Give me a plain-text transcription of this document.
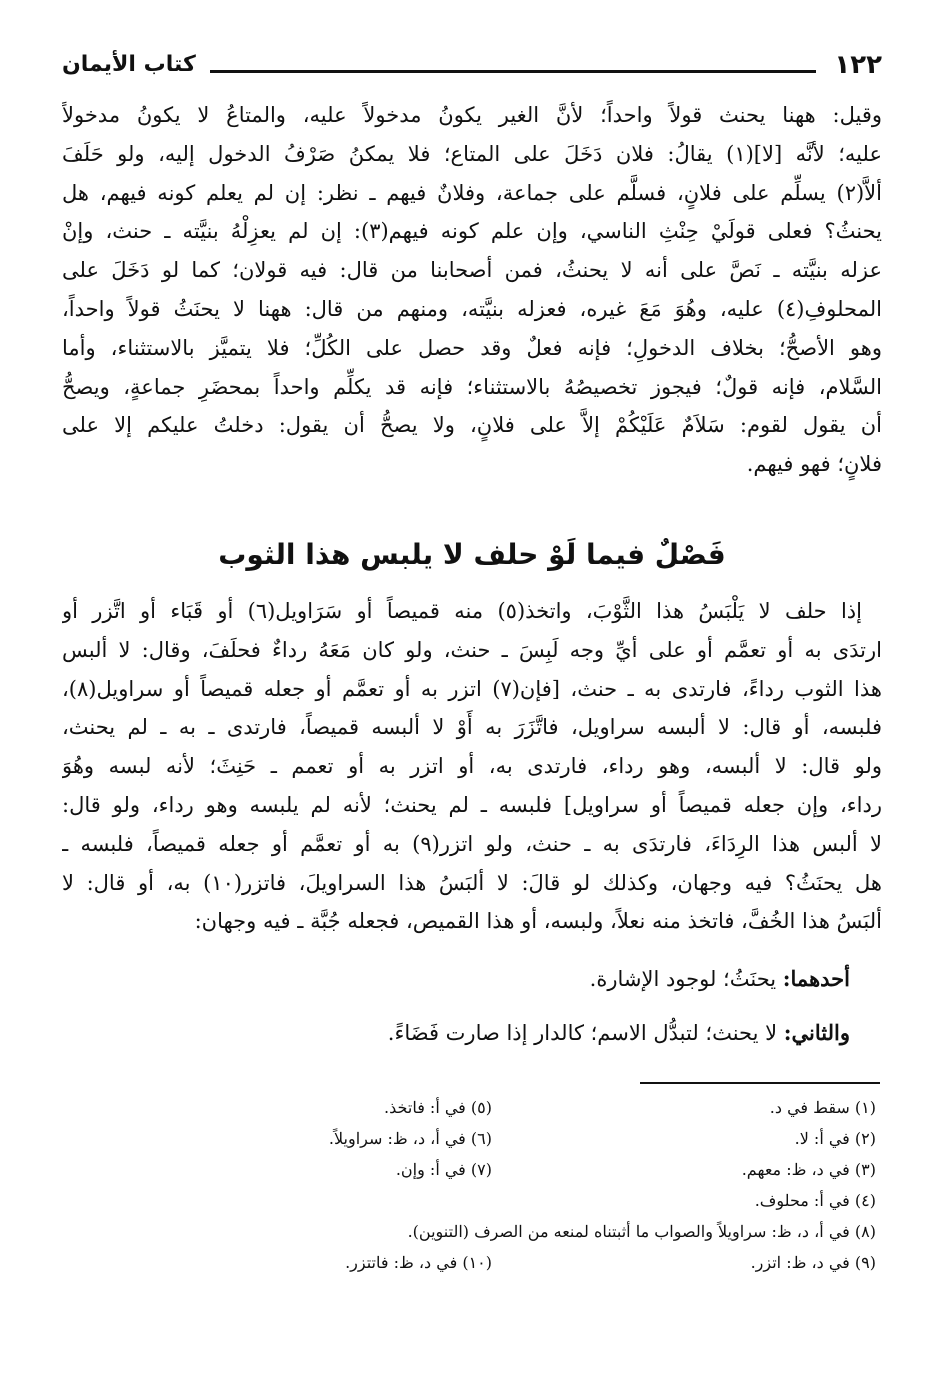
١٢٢
كتاب الأيمان
وقيل: ههنا يحنث قولاً واحداً؛ لأنَّ الغير يكونُ مدخولاً عليه، والمتاعُ لا يكونُ مدخولاً
عليه؛ لأنَّه [لا](١) يقالُ: فلان دَخَلَ على المتاع؛ فلا يمكنُ صَرْفُ الدخول إليه، ولو حَلَفَ
ألاَّ(٢) يسلِّم على فلانٍ، فسلَّم على جماعة، وفلانٌ فيهم ـ نظر: إن لم يعلم كونه فيهم، هل
يحنثُ؟ فعلى قولَيْ حِنْثِ الناسي، وإن علم كونه فيهم(٣): إن لم يعزِلْهُ بنيَّته ـ حنث، وإنْ
عزله بنيَّته ـ نَصَّ على أنه لا يحنثُ، فمن أصحابنا من قال: فيه قولان؛ كما لو دَخَلَ على
المحلوفِ(٤) عليه، وهُوَ مَعَ غيره، فعزله بنيَّته، ومنهم من قال: ههنا لا يحنَثُ قولاً واحداً،
وهو الأصحُّ؛ بخلاف الدخولِ؛ فإنه فعلٌ وقد حصل على الكُلِّ؛ فلا يتميَّز بالاستثناء، وأما
السَّلام، فإنه قولٌ؛ فيجوز تخصيصُهُ بالاستثناء؛ فإنه قد يكلِّم واحداً بمحضَرِ جماعةٍ، ويصحُّ
أن يقول لقوم: سَلاَمٌ عَلَيْكُمْ إلاَّ على فلانٍ، ولا يصحُّ أن يقول: دخلتُ عليكم إلا على
فلانٍ؛ فهو فيهم.
فَصْلٌ فيما لَوْ حلف لا يلبس هذا الثوب
إذا حلف لا يَلْبَسُ هذا الثَّوْبَ، واتخذ(٥) منه قميصاً أو سَرَاويل(٦) أو قَبَاء أو اتَّزر أو
ارتدَى به أو تعمَّم أو على أيِّ وجه لَبِسَ ـ حنث، ولو كان مَعَهُ رداءٌ فحلَفَ، وقال: لا ألبس
هذا الثوب رداءً، فارتدى به ـ حنث، [فإن(٧) اتزر به أو تعمَّم أو جعله قميصاً أو سراويل(٨)،
فلبسه، أو قال: لا ألبسه سراويل، فاتَّزَرَ به أَوْ لا ألبسه قميصاً، فارتدى ـ به ـ لم يحنث،
ولو قال: لا ألبسه، وهو رداء، فارتدى به، أو اتزر به أو تعمم ـ حَنِثَ؛ لأنه لبسه وهُوَ
رداء، وإن جعله قميصاً أو سراويل] فلبسه ـ لم يحنث؛ لأنه لم يلبسه وهو رداء، ولو قال:
لا ألبس هذا الرِدَاءَ، فارتدَى به ـ حنث، ولو اتزر(٩) به أو تعمَّم أو جعله قميصاً، فلبسه ـ
هل يحنَثُ؟ فيه وجهان، وكذلك لو قالَ: لا ألبَسُ هذا السراويلَ، فاتزر(١٠) به، أو قال: لا
ألبَسُ هذا الخُفَّ، فاتخذ منه نعلاً، ولبسه، أو هذا القميص، فجعله جُبَّة ـ فيه وجهان:

أحدهما: يحنَثُ؛ لوجود الإشارة.

والثاني: لا يحنث؛ لتبدُّل الاسم؛ كالدار إذا صارت فَضَاءً.

(١) سقط في د.
(٥) في أ: فاتخذ.
(٢) في أ: لا.
(٦) في أ، د، ظ: سراويلاً.
(٣) في د، ظ: معهم.
(٧) في أ: وإن.
(٤) في أ: محلوف.
(٨) في أ، د، ظ: سراويلاً والصواب ما أثبتناه لمنعه من الصرف (التنوين).
(٩) في د، ظ: اتزر.
(١٠) في د، ظ: فاتتزر.
